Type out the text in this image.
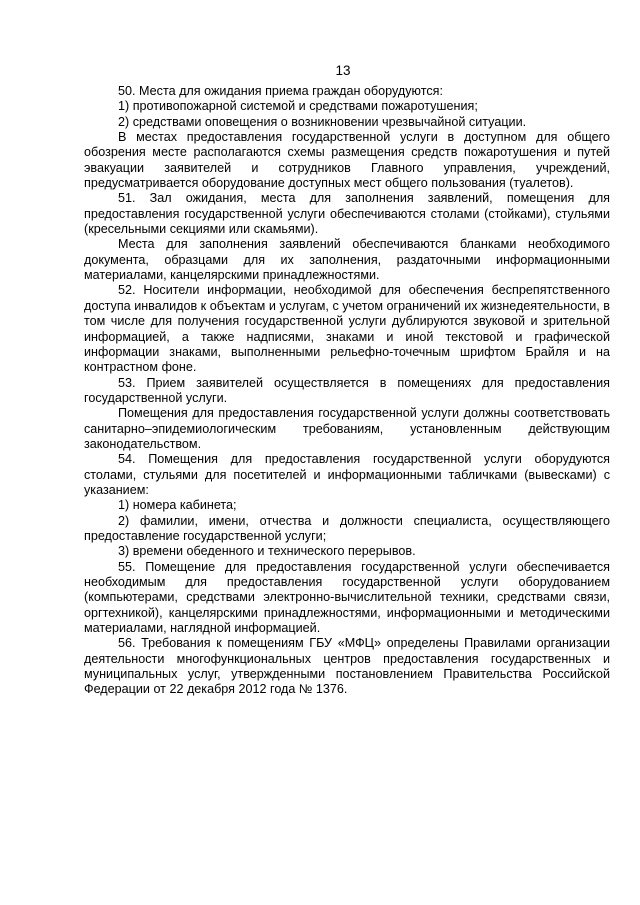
13

50. Места для ожидания приема граждан оборудуются:

1) противопожарной системой и средствами пожаротушения;

2) средствами оповещения о возникновении чрезвычайной ситуации.

В местах предоставления государственной услуги в доступном для общего обозрения месте располагаются схемы размещения средств пожаротушения и путей эвакуации заявителей и сотрудников Главного управления, учреждений, предусматривается оборудование доступных мест общего пользования (туалетов).

51. Зал ожидания, места для заполнения заявлений, помещения для предоставления государственной услуги обеспечиваются столами (стойками), стульями (кресельными секциями или скамьями).

Места для заполнения заявлений обеспечиваются бланками необходимого документа, образцами для их заполнения, раздаточными информационными материалами, канцелярскими принадлежностями.

52. Носители информации, необходимой для обеспечения беспрепятственного доступа инвалидов к объектам и услугам, с учетом ограничений их жизнедеятельности, в том числе для получения государственной услуги дублируются звуковой и зрительной информацией, а также надписями, знаками и иной текстовой и графической информации знаками, выполненными рельефно-точечным шрифтом Брайля и на контрастном фоне.

53. Прием заявителей осуществляется в помещениях для предоставления государственной услуги.

Помещения для предоставления государственной услуги должны соответствовать санитарно–эпидемиологическим требованиям, установленным действующим законодательством.

54. Помещения для предоставления государственной услуги оборудуются столами, стульями для посетителей и информационными табличками (вывесками) с указанием:

1) номера кабинета;

2) фамилии, имени, отчества и должности специалиста, осуществляющего предоставление государственной услуги;

3) времени обеденного и технического перерывов.

55. Помещение для предоставления государственной услуги обеспечивается необходимым для предоставления государственной услуги оборудованием (компьютерами, средствами электронно-вычислительной техники, средствами связи, оргтехникой), канцелярскими принадлежностями, информационными и методическими материалами, наглядной информацией.

56. Требования к помещениям ГБУ «МФЦ» определены Правилами организации деятельности многофункциональных центров предоставления государственных и муниципальных услуг, утвержденными постановлением Правительства Российской Федерации от 22 декабря 2012 года № 1376.
